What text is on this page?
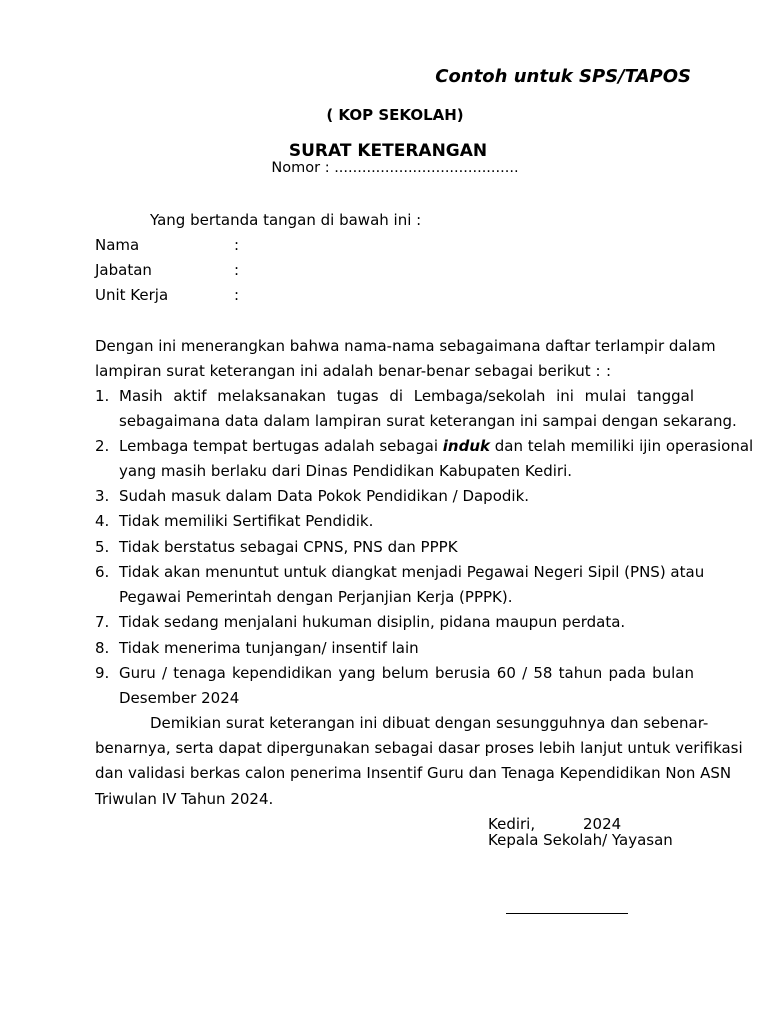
Contoh untuk SPS/TAPOS
( KOP SEKOLAH)
SURAT KETERANGAN
Nomor : ........................................
Yang bertanda tangan di bawah ini :
Nama	:
Jabatan	:
Unit Kerja	:
Dengan ini menerangkan bahwa nama-nama sebagaimana daftar terlampir dalam
lampiran surat keterangan ini adalah benar-benar sebagai berikut : :
1. Masih aktif melaksanakan tugas di Lembaga/sekolah ini mulai tanggal
sebagaimana data dalam lampiran surat keterangan ini sampai dengan sekarang.
2. Lembaga tempat bertugas adalah sebagai induk dan telah memiliki ijin operasional
yang masih berlaku dari Dinas Pendidikan Kabupaten Kediri.
3. Sudah masuk dalam Data Pokok Pendidikan / Dapodik.
4. Tidak memiliki Sertifikat Pendidik.
5. Tidak berstatus sebagai CPNS, PNS dan PPPK
6. Tidak akan menuntut untuk diangkat menjadi Pegawai Negeri Sipil (PNS) atau
Pegawai Pemerintah dengan Perjanjian Kerja (PPPK).
7. Tidak sedang menjalani hukuman disiplin, pidana maupun perdata.
8. Tidak menerima tunjangan/ insentif lain
9. Guru / tenaga kependidikan yang belum berusia 60 / 58 tahun pada bulan
Desember 2024
Demikian surat keterangan ini dibuat dengan sesungguhnya dan sebenar-
benarnya, serta dapat dipergunakan sebagai dasar proses lebih lanjut untuk verifikasi
dan validasi berkas calon penerima Insentif Guru dan Tenaga Kependidikan Non ASN
Triwulan IV Tahun 2024.
Kediri,	2024
Kepala Sekolah/ Yayasan
